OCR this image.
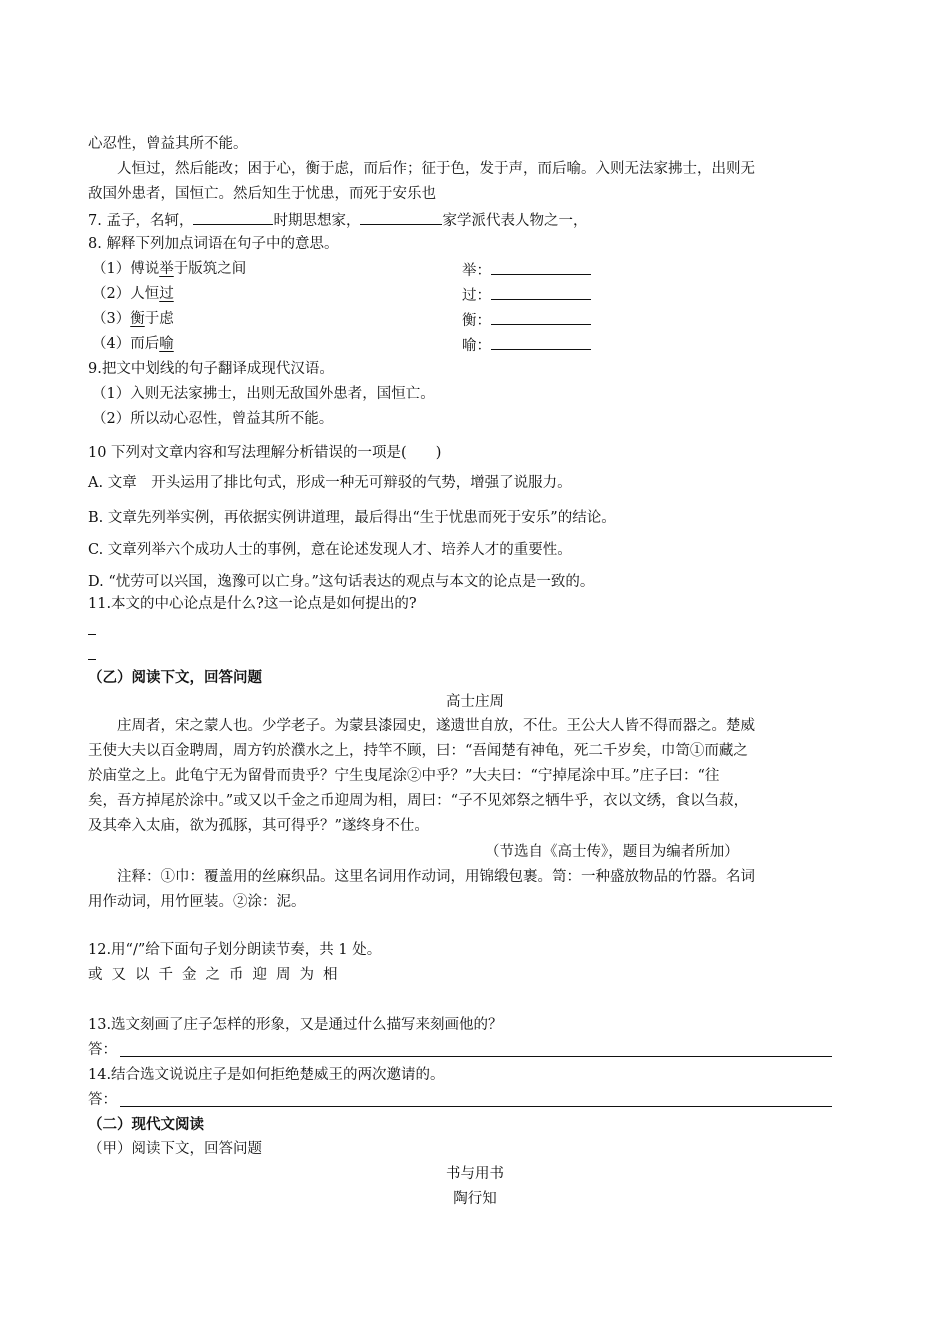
心忍性，曾益其所不能。
人恒过，然后能改；困于心，衡于虑，而后作；征于色，发于声，而后喻。入则无法家拂士，出则无
敌国外患者，国恒亡。然后知生于忧患，而死于安乐也
7. 孟子，名轲，	时期思想家，	家学派代表人物之一，
8. 解释下列加点词语在句子中的意思。
（1）傅说举于版筑之间	举：
（2）人恒过	过：
（3）衡于虑	衡：
（4）而后喻	喻：
9.把文中划线的句子翻译成现代汉语。
（1）入则无法家拂士，出则无敌国外患者，国恒亡。
（2）所以动心忍性，曾益其所不能。
10 下列对文章内容和写法理解分析错误的一项是(　　)
A. 文章　开头运用了排比句式，形成一种无可辩驳的气势，增强了说服力。
B. 文章先列举实例，再依据实例讲道理，最后得出“生于忧患而死于安乐”的结论。
C. 文章列举六个成功人士的事例，意在论述发现人才、培养人才的重要性。
D. “忧劳可以兴国，逸豫可以亡身。”这句话表达的观点与本文的论点是一致的。
11.本文的中心论点是什么?这一论点是如何提出的?
（乙）阅读下文，回答问题
高士庄周
庄周者，宋之蒙人也。少学老子。为蒙县漆园史，遂遗世自放，不仕。王公大人皆不得而器之。楚威
王使大夫以百金聘周，周方钓於濮水之上，持竿不顾，曰：“吾闻楚有神龟，死二千岁矣，巾笥①而藏之
於庙堂之上。此龟宁无为留骨而贵乎？宁生曳尾涂②中乎？”大夫曰：“宁掉尾涂中耳。”庄子曰：“往
矣，吾方掉尾於涂中。”或又以千金之币迎周为相，周曰：“子不见郊祭之牺牛乎，衣以文绣，食以刍菽，
及其牵入太庙，欲为孤豚，其可得乎？”遂终身不仕。
（节选自《高士传》，题目为编者所加）
注释：①巾：覆盖用的丝麻织品。这里名词用作动词，用锦缎包裹。笥：一种盛放物品的竹器。名词
用作动词，用竹匣装。②涂：泥。
12.用“/”给下面句子划分朗读节奏，共 1 处。
或又以千金之币迎周为相
13.选文刻画了庄子怎样的形象，又是通过什么描写来刻画他的？
答：
14.结合选文说说庄子是如何拒绝楚威王的两次邀请的。
答：
（二）现代文阅读
（甲）阅读下文，回答问题
书与用书
陶行知
